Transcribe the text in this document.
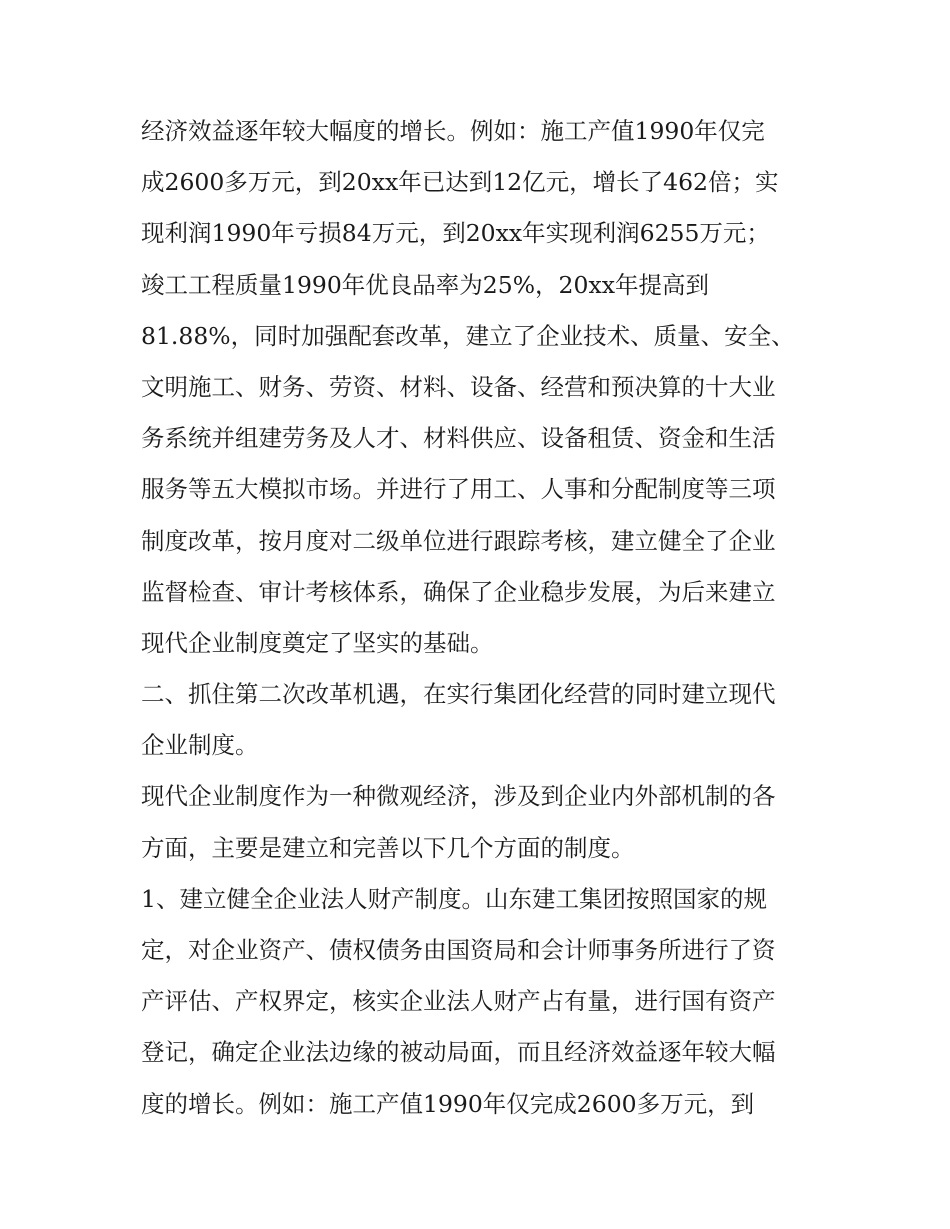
经济效益逐年较大幅度的增长。例如：施工产值1990年仅完
成2600多万元，到20xx年已达到12亿元，增长了462倍；实
现利润1990年亏损84万元，到20xx年实现利润6255万元；
竣工工程质量1990年优良品率为25%，20xx年提高到
81.88%，同时加强配套改革，建立了企业技术、质量、安全、
文明施工、财务、劳资、材料、设备、经营和预决算的十大业
务系统并组建劳务及人才、材料供应、设备租赁、资金和生活
服务等五大模拟市场。并进行了用工、人事和分配制度等三项
制度改革，按月度对二级单位进行跟踪考核，建立健全了企业
监督检查、审计考核体系，确保了企业稳步发展，为后来建立
现代企业制度奠定了坚实的基础。
二、抓住第二次改革机遇，在实行集团化经营的同时建立现代
企业制度。
现代企业制度作为一种微观经济，涉及到企业内外部机制的各
方面，主要是建立和完善以下几个方面的制度。
1、建立健全企业法人财产制度。山东建工集团按照国家的规
定，对企业资产、债权债务由国资局和会计师事务所进行了资
产评估、产权界定，核实企业法人财产占有量，进行国有资产
登记，确定企业法边缘的被动局面，而且经济效益逐年较大幅
度的增长。例如：施工产值1990年仅完成2600多万元，到
